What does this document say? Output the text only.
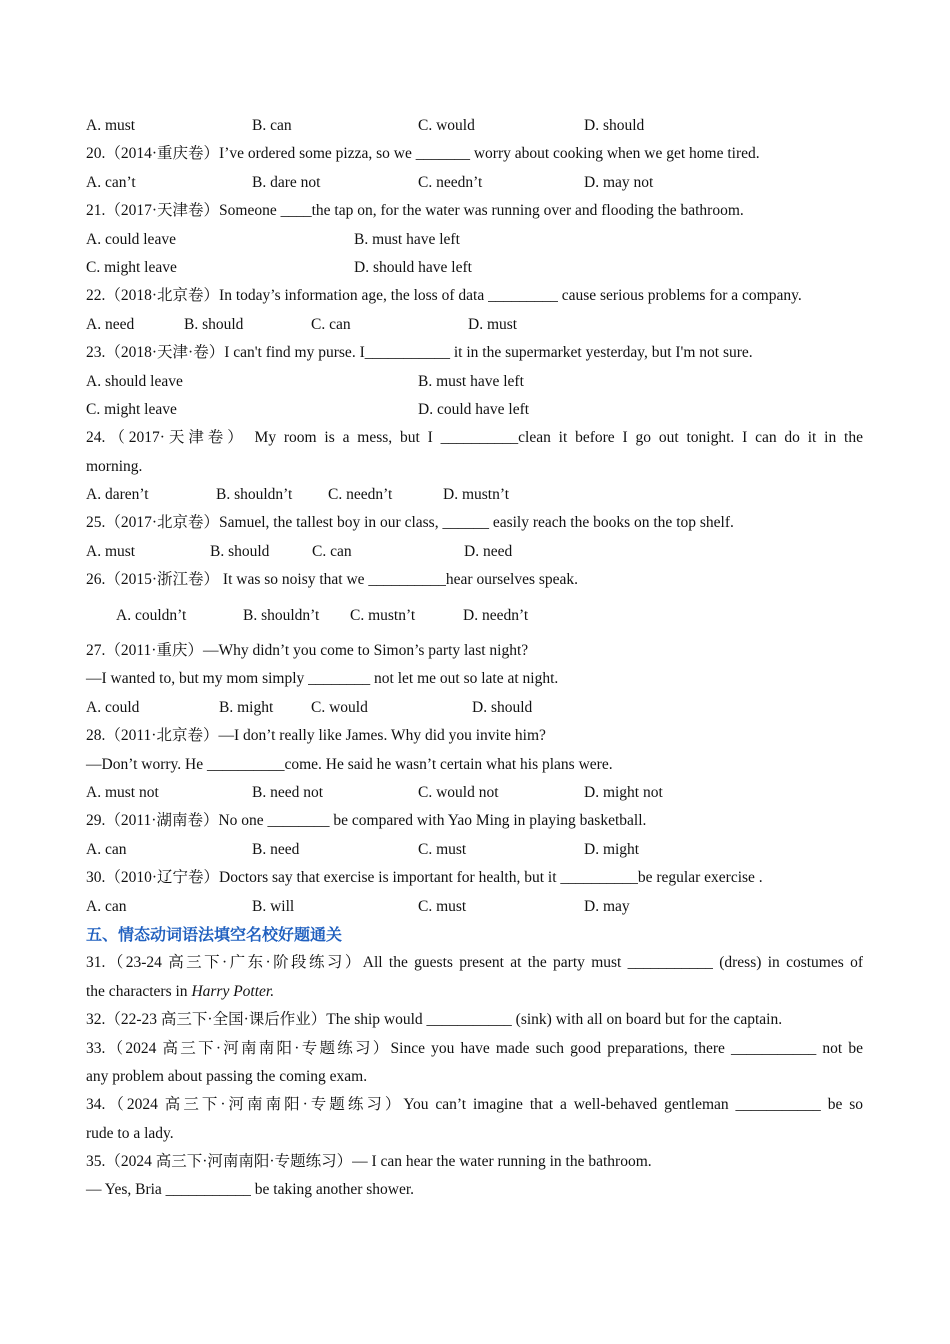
A. must	B. can	C. would	D. should
20.（2014·重庆卷）I’ve ordered some pizza, so we _______ worry about cooking when we get home tired.
A. can’t	B. dare not	C. needn’t	D. may not
21.（2017·天津卷）Someone ____the tap on, for the water was running over and flooding the bathroom.
A. could leave	B. must have left
C. might leave	D. should have left
22.（2018·北京卷）In today’s information age, the loss of data _________ cause serious problems for a company.
A. need	B. should	C. can	D. must
23.（2018·天津·卷）I can't find my purse. I___________ it in the supermarket yesterday, but I'm not sure.
A. should leave	B. must have left
C. might leave	D. could have left
24.（2017·天津卷） My room is a mess, but I __________clean it before I go out tonight. I can do it in the
morning.
A. daren’t	B. shouldn’t C. needn’t	D. mustn’t
25.（2017·北京卷）Samuel, the tallest boy in our class, ______ easily reach the books on the top shelf.
A. must	B. should	C. can	D. need
26.（2015·浙江卷） It was so noisy that we __________hear ourselves speak.
A. couldn’t	B. shouldn’t C. mustn’t	D. needn’t
27.（2011·重庆）—Why didn’t you come to Simon’s party last night?
—I wanted to, but my mom simply ________ not let me out so late at night.
A. could	B. might C. would	D. should
28.（2011·北京卷）—I don’t really like James. Why did you invite him?
—Don’t worry. He __________come. He said he wasn’t certain what his plans were.
A. must not	B. need not	C. would not	D. might not
29.（2011·湖南卷）No one ________ be compared with Yao Ming in playing basketball.
A. can	B. need	C. must	D. might
30.（2010·辽宁卷）Doctors say that exercise is important for health, but it __________be regular exercise .
A. can	B. will	C. must	D. may
五、情态动词语法填空名校好题通关
31.（23-24 高三下·广东·阶段练习）All the guests present at the party must ___________ (dress) in costumes of
the characters in Harry Potter.
32.（22-23 高三下·全国·课后作业）The ship would ___________ (sink) with all on board but for the captain.
33.（2024 高三下·河南南阳·专题练习）Since you have made such good preparations, there ___________ not be
any problem about passing the coming exam.
34.（2024 高三下·河南南阳·专题练习）You can’t imagine that a well-behaved gentleman ___________ be so
rude to a lady.
35.（2024 高三下·河南南阳·专题练习）— I can hear the water running in the bathroom.
— Yes, Bria ___________ be taking another shower.
